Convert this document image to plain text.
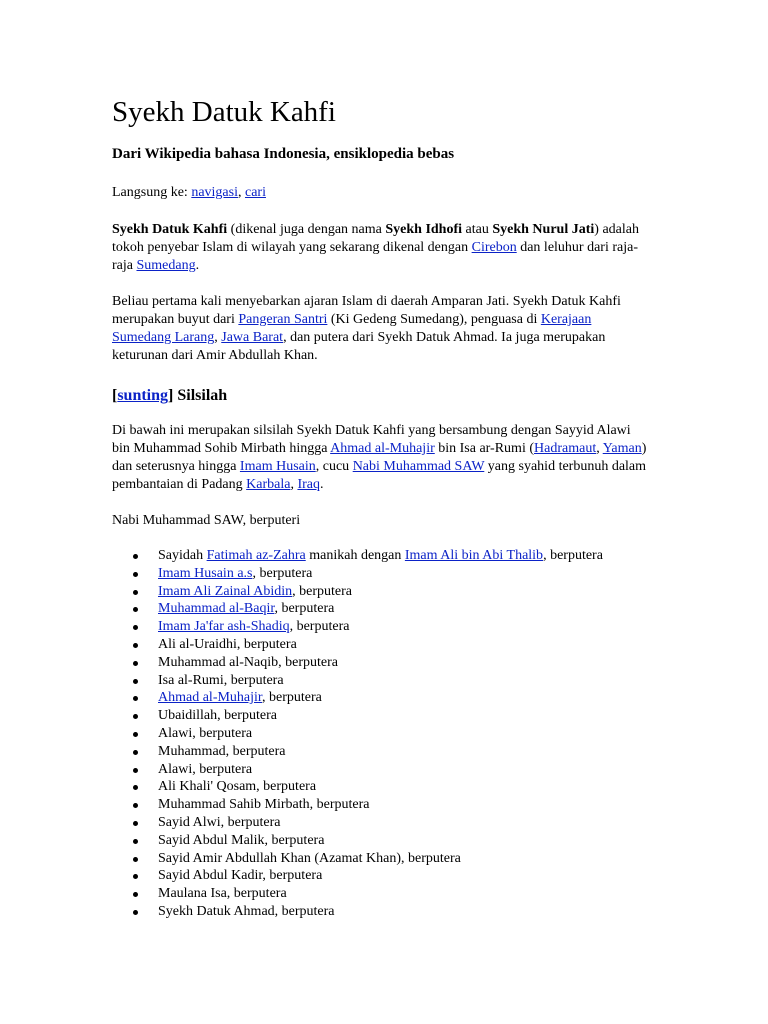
Syekh Datuk Kahfi
Dari Wikipedia bahasa Indonesia, ensiklopedia bebas
Langsung ke: navigasi, cari

Syekh Datuk Kahfi (dikenal juga dengan nama Syekh Idhofi atau Syekh Nurul Jati) adalah tokoh penyebar Islam di wilayah yang sekarang dikenal dengan Cirebon dan leluhur dari raja-raja Sumedang.

Beliau pertama kali menyebarkan ajaran Islam di daerah Amparan Jati. Syekh Datuk Kahfi merupakan buyut dari Pangeran Santri (Ki Gedeng Sumedang), penguasa di Kerajaan Sumedang Larang, Jawa Barat, dan putera dari Syekh Datuk Ahmad. Ia juga merupakan keturunan dari Amir Abdullah Khan.

[sunting] Silsilah

Di bawah ini merupakan silsilah Syekh Datuk Kahfi yang bersambung dengan Sayyid Alawi bin Muhammad Sohib Mirbath hingga Ahmad al-Muhajir bin Isa ar-Rumi (Hadramaut, Yaman) dan seterusnya hingga Imam Husain, cucu Nabi Muhammad SAW yang syahid terbunuh dalam pembantaian di Padang Karbala, Iraq.

Nabi Muhammad SAW, berputeri

Sayidah Fatimah az-Zahra manikah dengan Imam Ali bin Abi Thalib, berputera
Imam Husain a.s, berputera
Imam Ali Zainal Abidin, berputera
Muhammad al-Baqir, berputera
Imam Ja'far ash-Shadiq, berputera
Ali al-Uraidhi, berputera
Muhammad al-Naqib, berputera
Isa al-Rumi, berputera
Ahmad al-Muhajir, berputera
Ubaidillah, berputera
Alawi, berputera
Muhammad, berputera
Alawi, berputera
Ali Khali' Qosam, berputera
Muhammad Sahib Mirbath, berputera
Sayid Alwi, berputera
Sayid Abdul Malik, berputera
Sayid Amir Abdullah Khan (Azamat Khan), berputera
Sayid Abdul Kadir, berputera
Maulana Isa, berputera
Syekh Datuk Ahmad, berputera
